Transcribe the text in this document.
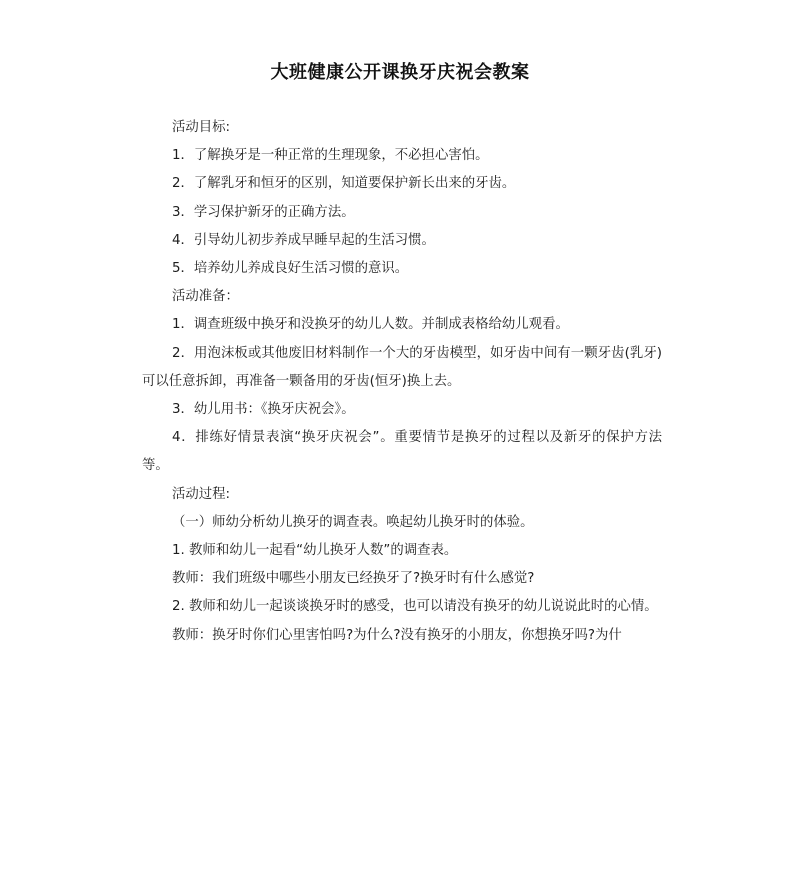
大班健康公开课换牙庆祝会教案

活动目标:

1．了解换牙是一种正常的生理现象，不必担心害怕。

2．了解乳牙和恒牙的区别，知道要保护新长出来的牙齿。

3．学习保护新牙的正确方法。

4．引导幼儿初步养成早睡早起的生活习惯。

5．培养幼儿养成良好生活习惯的意识。

活动准备：

1．调查班级中换牙和没换牙的幼儿人数。并制成表格给幼儿观看。

2．用泡沫板或其他废旧材料制作一个大的牙齿模型，如牙齿中间有一颗牙齿(乳牙)可以任意拆卸，再准备一颗备用的牙齿(恒牙)换上去。

3．幼儿用书：《换牙庆祝会》。

4．排练好情景表演“换牙庆祝会”。重要情节是换牙的过程以及新牙的保护方法等。

活动过程:

（一）师幼分析幼儿换牙的调查表。唤起幼儿换牙时的体验。

1. 教师和幼儿一起看“幼儿换牙人数”的调查表。

教师：我们班级中哪些小朋友已经换牙了?换牙时有什么感觉?

2. 教师和幼儿一起谈谈换牙时的感受，也可以请没有换牙的幼儿说说此时的心情。

教师：换牙时你们心里害怕吗?为什么?没有换牙的小朋友，你想换牙吗?为什
